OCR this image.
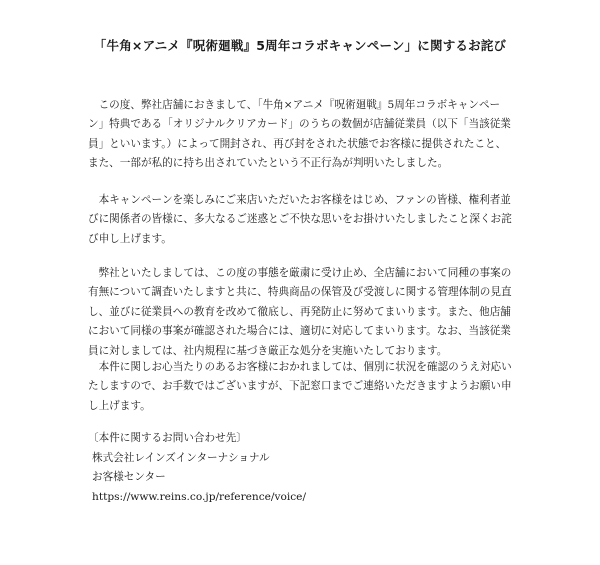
「牛角×アニメ『呪術廻戦』5周年コラボキャンペーン」に関するお詫び

　この度、弊社店舗におきまして、「牛角×アニメ『呪術廻戦』5周年コラボキャンペー
ン」特典である「オリジナルクリアカード」のうちの数個が店舗従業員（以下「当該従業
員」といいます。）によって開封され、再び封をされた状態でお客様に提供されたこと、
また、一部が私的に持ち出されていたという不正行為が判明いたしました。

　本キャンペーンを楽しみにご来店いただいたお客様をはじめ、ファンの皆様、権利者並
びに関係者の皆様に、多大なるご迷惑とご不快な思いをお掛けいたしましたこと深くお詫
び申し上げます。

　弊社といたしましては、この度の事態を厳粛に受け止め、全店舗において同種の事案の
有無について調査いたしますと共に、特典商品の保管及び受渡しに関する管理体制の見直
し、並びに従業員への教育を改めて徹底し、再発防止に努めてまいります。また、他店舗
において同様の事案が確認された場合には、適切に対応してまいります。なお、当該従業
員に対しましては、社内規程に基づき厳正な処分を実施いたしております。

　本件に関しお心当たりのあるお客様におかれましては、個別に状況を確認のうえ対応い
たしますので、お手数ではございますが、下記窓口までご連絡いただきますようお願い申
し上げます。

〔本件に関するお問い合わせ先〕
株式会社レインズインターナショナル
お客様センター
https://www.reins.co.jp/reference/voice/
